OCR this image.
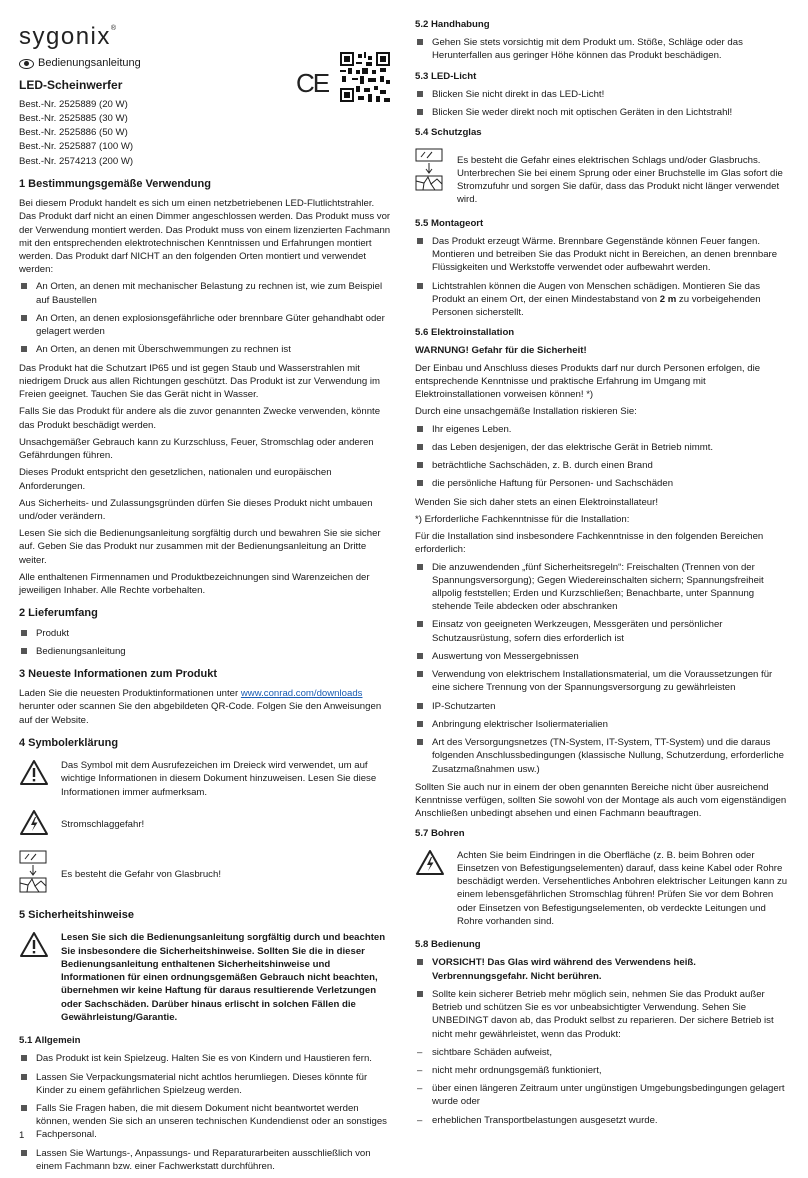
sygonix ®
Bedienungsanleitung
LED-Scheinwerfer

Best.-Nr. 2525889 (20 W)

Best.-Nr. 2525885 (30 W)

Best.-Nr. 2525886 (50 W)

Best.-Nr. 2525887 (100 W)

Best.-Nr. 2574213 (200 W)

1 Bestimmungsgemäße Verwendung

Bei diesem Produkt handelt es sich um einen netzbetriebenen LED-Flutlichtstrahler. Das Produkt darf nicht an einen Dimmer angeschlossen werden. Das Produkt muss vor der Verwendung montiert werden. Das Produkt muss von einem lizenzierten Fachmann mit den entsprechenden elektrotechnischen Kenntnissen und Erfahrungen montiert werden. Das Produkt darf NICHT an den folgenden Orten montiert und verwendet werden:

An Orten, an denen mit mechanischer Belastung zu rechnen ist, wie zum Beispiel auf Baustellen
An Orten, an denen explosionsgefährliche oder brennbare Güter gehandhabt oder gelagert werden
An Orten, an denen mit Überschwemmungen zu rechnen ist

Das Produkt hat die Schutzart IP65 und ist gegen Staub und Wasserstrahlen mit niedrigem Druck aus allen Richtungen geschützt. Das Produkt ist zur Verwendung im Freien geeignet. Tauchen Sie das Gerät nicht in Wasser.

Falls Sie das Produkt für andere als die zuvor genannten Zwecke verwenden, könnte das Produkt beschädigt werden.

Unsachgemäßer Gebrauch kann zu Kurzschluss, Feuer, Stromschlag oder anderen Gefährdungen führen.

Dieses Produkt entspricht den gesetzlichen, nationalen und europäischen Anforderungen.

Aus Sicherheits- und Zulassungsgründen dürfen Sie dieses Produkt nicht umbauen und/oder verändern.

Lesen Sie sich die Bedienungsanleitung sorgfältig durch und bewahren Sie sie sicher auf. Geben Sie das Produkt nur zusammen mit der Bedienungsanleitung an Dritte weiter.

Alle enthaltenen Firmennamen und Produktbezeichnungen sind Warenzeichen der jeweiligen Inhaber. Alle Rechte vorbehalten.

2 Lieferumfang
Produkt
Bedienungsanleitung
3 Neueste Informationen zum Produkt

Laden Sie die neuesten Produktinformationen unter www.conrad.com/downloads herunter oder scannen Sie den abgebildeten QR-Code. Folgen Sie den Anweisungen auf der Website.

4 Symbolerklärung
Das Symbol mit dem Ausrufezeichen im Dreieck wird verwendet, um auf wichtige Informationen in diesem Dokument hinzuweisen. Lesen Sie diese Informationen immer aufmerksam.
Stromschlaggefahr!
Es besteht die Gefahr von Glasbruch!
5 Sicherheitshinweise
Lesen Sie sich die Bedienungsanleitung sorgfältig durch und beachten Sie insbesondere die Sicherheitshinweise. Sollten Sie die in dieser Bedienungsanleitung enthaltenen Sicherheitshinweise und Informationen für einen ordnungsgemäßen Gebrauch nicht beachten, übernehmen wir keine Haftung für daraus resultierende Verletzungen oder Sachschäden. Darüber hinaus erlischt in solchen Fällen die Gewährleistung/Garantie.
5.1 Allgemein
Das Produkt ist kein Spielzeug. Halten Sie es von Kindern und Haustieren fern.
Lassen Sie Verpackungsmaterial nicht achtlos herumliegen. Dieses könnte für Kinder zu einem gefährlichen Spielzeug werden.
Falls Sie Fragen haben, die mit diesem Dokument nicht beantwortet werden können, wenden Sie sich an unseren technischen Kundendienst oder an sonstiges Fachpersonal.
Lassen Sie Wartungs-, Anpassungs- und Reparaturarbeiten ausschließlich von einem Fachmann bzw. einer Fachwerkstatt durchführen.
CE
5.2 Handhabung
Gehen Sie stets vorsichtig mit dem Produkt um. Stöße, Schläge oder das Herunterfallen aus geringer Höhe können das Produkt beschädigen.
5.3 LED-Licht
Blicken Sie nicht direkt in das LED-Licht!
Blicken Sie weder direkt noch mit optischen Geräten in den Lichtstrahl!
5.4 Schutzglas
Es besteht die Gefahr eines elektrischen Schlags und/oder Glasbruchs. Unterbrechen Sie bei einem Sprung oder einer Bruchstelle im Glas sofort die Stromzufuhr und sorgen Sie dafür, dass das Produkt nicht länger verwendet wird.
5.5 Montageort
Das Produkt erzeugt Wärme. Brennbare Gegenstände können Feuer fangen. Montieren und betreiben Sie das Produkt nicht in Bereichen, an denen brennbare Flüssigkeiten und Werkstoffe verwendet oder aufbewahrt werden.
Lichtstrahlen können die Augen von Menschen schädigen. Montieren Sie das Produkt an einem Ort, der einen Mindestabstand von 2 m zu vorbeigehenden Personen sicherstellt.
5.6 Elektroinstallation

WARNUNG! Gefahr für die Sicherheit!

Der Einbau und Anschluss dieses Produkts darf nur durch Personen erfolgen, die entsprechende Kenntnisse und praktische Erfahrung im Umgang mit Elektroinstallationen vorweisen können! *)

Durch eine unsachgemäße Installation riskieren Sie:

Ihr eigenes Leben.
das Leben desjenigen, der das elektrische Gerät in Betrieb nimmt.
beträchtliche Sachschäden, z. B. durch einen Brand
die persönliche Haftung für Personen- und Sachschäden

Wenden Sie sich daher stets an einen Elektroinstallateur!

*) Erforderliche Fachkenntnisse für die Installation:

Für die Installation sind insbesondere Fachkenntnisse in den folgenden Bereichen erforderlich:

Die anzuwendenden „fünf Sicherheitsregeln“: Freischalten (Trennen von der Spannungsversorgung); Gegen Wiedereinschalten sichern; Spannungsfreiheit allpolig feststellen; Erden und Kurzschließen; Benachbarte, unter Spannung stehende Teile abdecken oder abschranken
Einsatz von geeigneten Werkzeugen, Messgeräten und persönlicher Schutzausrüstung, sofern dies erforderlich ist
Auswertung von Messergebnissen
Verwendung von elektrischem Installationsmaterial, um die Voraussetzungen für eine sichere Trennung von der Spannungsversorgung zu gewährleisten
IP-Schutzarten
Anbringung elektrischer Isoliermaterialien
Art des Versorgungsnetzes (TN-System, IT-System, TT-System) und die daraus folgenden Anschlussbedingungen (klassische Nullung, Schutzerdung, erforderliche Zusatzmaßnahmen usw.)

Sollten Sie auch nur in einem der oben genannten Bereiche nicht über ausreichend Kenntnisse verfügen, sollten Sie sowohl von der Montage als auch vom eigenständigen Anschließen unbedingt absehen und einen Fachmann beauftragen.

5.7 Bohren
Achten Sie beim Eindringen in die Oberfläche (z. B. beim Bohren oder Einsetzen von Befestigungselementen) darauf, dass keine Kabel oder Rohre beschädigt werden. Versehentliches Anbohren elektrischer Leitungen kann zu einem lebensgefährlichen Stromschlag führen! Prüfen Sie vor dem Bohren oder Einsetzen von Befestigungselementen, ob verdeckte Leitungen und Rohre vorhanden sind.
5.8 Bedienung
VORSICHT! Das Glas wird während des Verwendens heiß. Verbrennungsgefahr. Nicht berühren.
Sollte kein sicherer Betrieb mehr möglich sein, nehmen Sie das Produkt außer Betrieb und schützen Sie es vor unbeabsichtigter Verwendung. Sehen Sie UNBEDINGT davon ab, das Produkt selbst zu reparieren. Der sichere Betrieb ist nicht mehr gewährleistet, wenn das Produkt:
– sichtbare Schäden aufweist,
– nicht mehr ordnungsgemäß funktioniert,
– über einen längeren Zeitraum unter ungünstigen Umgebungsbedingungen gelagert wurde oder
– erheblichen Transportbelastungen ausgesetzt wurde.
1
